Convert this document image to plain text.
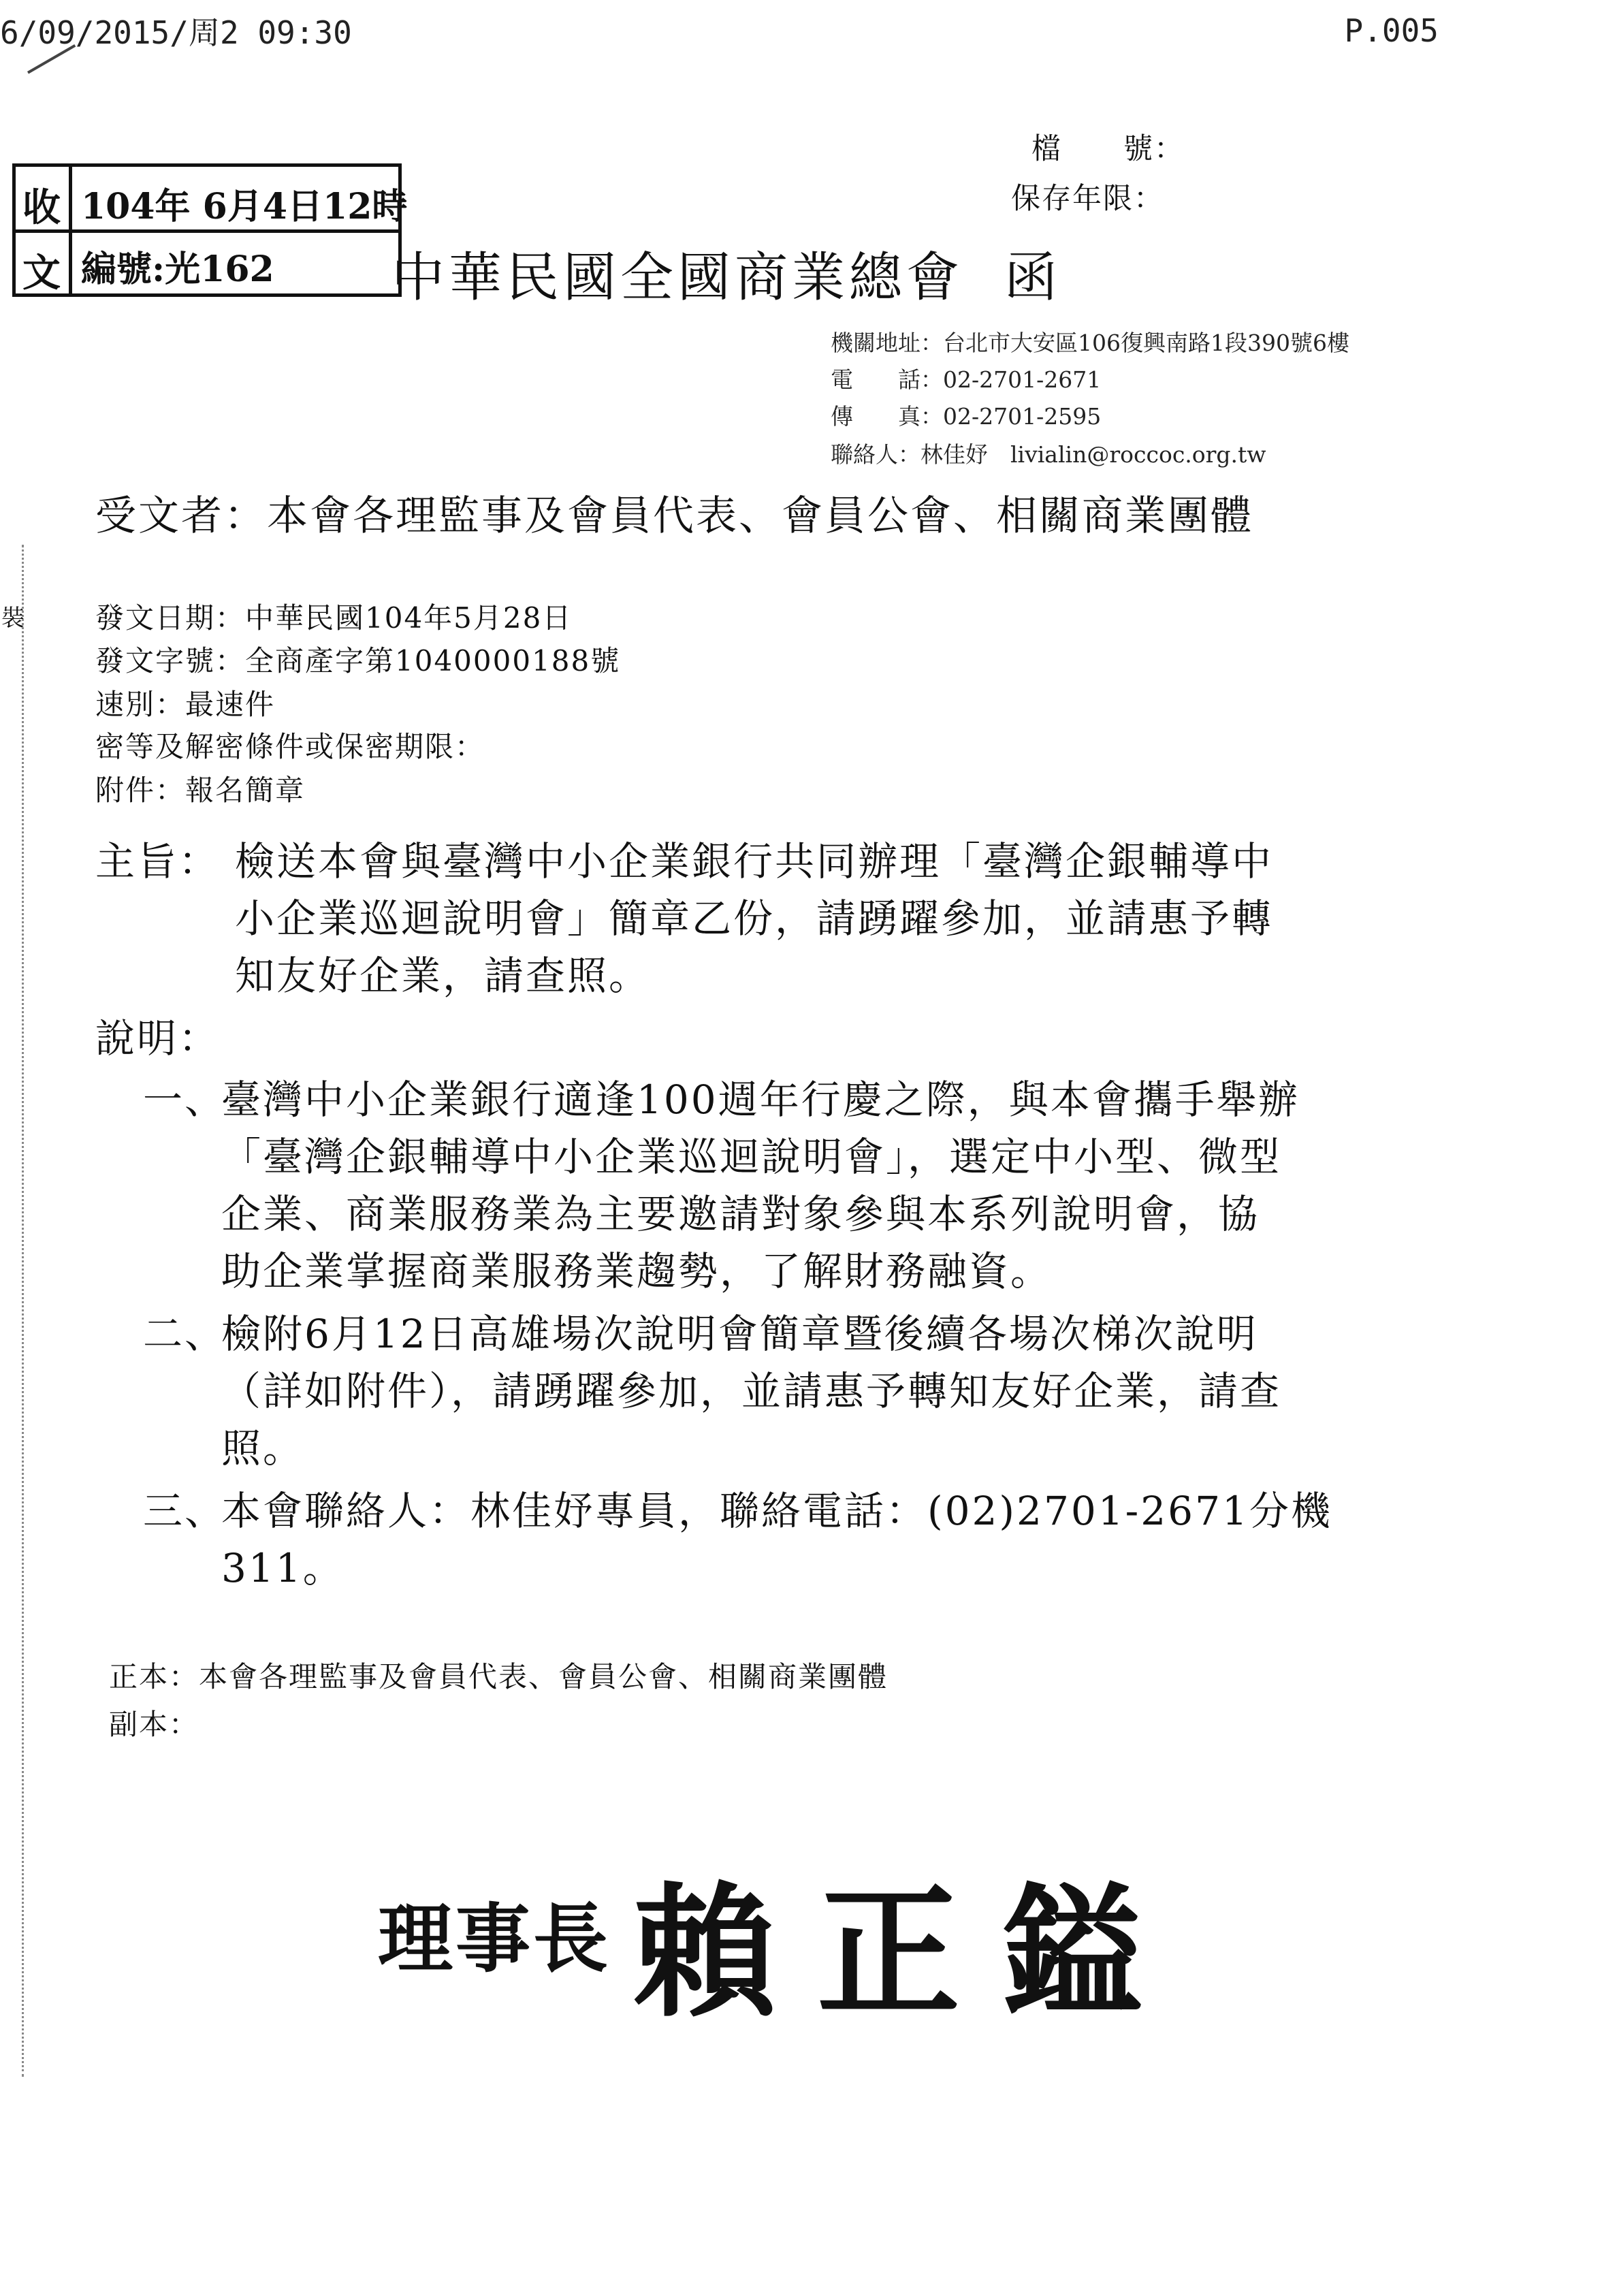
裝
6/09/2015/周2 09:30	P.005
檔　　號：
保存年限：
收
文
104年 6月4日12時
編號:光162 中華民國全國商業總會 函
機關地址：台北市大安區106復興南路1段390號6樓
電　　話：02-2701-2671
傳　　真：02-2701-2595
聯絡人：林佳妤　livialin@roccoc.org.tw
受文者：本會各理監事及會員代表、會員公會、相關商業團體
發文日期：中華民國104年5月28日
發文字號：全商產字第1040000188號
速別：最速件
密等及解密條件或保密期限：
附件：報名簡章
主旨： 檢送本會與臺灣中小企業銀行共同辦理「臺灣企銀輔導中
小企業巡迴說明會」簡章乙份，請踴躍參加，並請惠予轉
知友好企業，請查照。
說明：
一、
臺灣中小企業銀行適逢100週年行慶之際，與本會攜手舉辦
「臺灣企銀輔導中小企業巡迴說明會」，選定中小型、微型
企業、商業服務業為主要邀請對象參與本系列說明會，協
助企業掌握商業服務業趨勢，了解財務融資。
二、
檢附6月12日高雄場次說明會簡章暨後續各場次梯次說明
（詳如附件），請踴躍參加，並請惠予轉知友好企業，請查
照。
三、
本會聯絡人：林佳妤專員，聯絡電話：(02)2701-2671分機
311。
正本：本會各理監事及會員代表、會員公會、相關商業團體
副本：
理事長 賴正鎰
